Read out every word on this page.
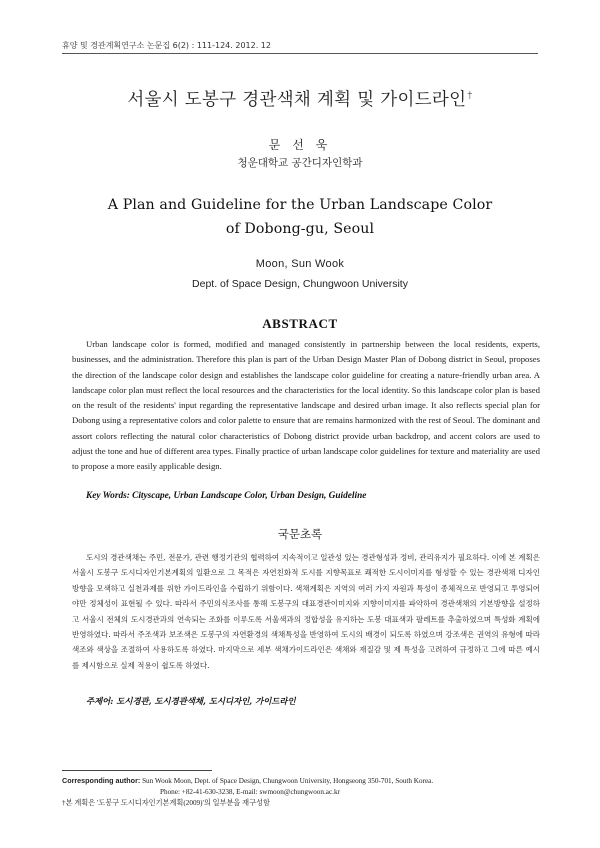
휴양 및 경관계획연구소 논문집 6(2) : 111-124. 2012. 12
서울시 도봉구 경관색채 계획 및 가이드라인†
문 선 욱
청운대학교 공간디자인학과
A Plan and Guideline for the Urban Landscape Color
of Dobong-gu, Seoul
Moon, Sun Wook
Dept. of Space Design, Chungwoon University
ABSTRACT

Urban landscape color is formed, modified and managed consistently in partnership between the local residents, experts, businesses, and the administration. Therefore this plan is part of the Urban Design Master Plan of Dobong district in Seoul, proposes the direction of the landscape color design and establishes the landscape color guideline for creating a nature-friendly urban area. A landscape color plan must reflect the local resources and the characteristics for the local identity. So this landscape color plan is based on the result of the residents' input regarding the representative landscape and desired urban image. It also reflects special plan for Dobong using a representative colors and color palette to ensure that are remains harmonized with the rest of Seoul. The dominant and assort colors reflecting the natural color characteristics of Dobong district provide urban backdrop, and accent colors are used to adjust the tone and hue of different area types. Finally practice of urban landscape color guidelines for texture and materiality are used to propose a more easily applicable design.

Key Words: Cityscape, Urban Landscape Color, Urban Design, Guideline
국문초록

도시의 경관색채는 주민, 전문가, 관련 행정기관의 협력하여 지속적이고 일관성 있는 경관형성과 정비, 관리유지가 필요하다. 이에 본 계획은 서울시 도봉구 도시디자인기본계획의 일환으로 그 목적은 자연친화적 도시를 지향목표로 쾌적한 도시이미지를 형성할 수 있는 경관색채 디자인 방향을 모색하고 실천과제를 위한 가이드라인을 수립하기 위함이다. 색채계획은 지역의 여러 가지 자원과 특성이 종체적으로 반영되고 투영되어야만 정체성이 표현될 수 있다. 따라서 주민의식조사를 통해 도봉구의 대표경관이미지와 지향이미지를 파악하여 경관색채의 기본방향을 설정하고 서울시 전체의 도시경관과의 연속되는 조화를 이루도록 서울색과의 정합성을 유지하는 도봉 대표색과 팔레트를 추출하였으며 특성화 계획에 반영하였다. 따라서 주조색과 보조색은 도봉구의 자연환경의 색채특성을 반영하여 도시의 배경이 되도록 하였으며 강조색은 권역의 유형에 따라 색조와 색상을 조절하여 사용하도록 하였다. 마지막으로 세부 색채가이드라인은 색채와 재질감 및 제 특성을 고려하여 규정하고 그에 따른 예시를 제시함으로 실제 적용이 쉽도록 하였다.

주제어: 도시경관, 도시경관색채, 도시디자인, 가이드라인
Corresponding author: Sun Wook Moon, Dept. of Space Design, Chungwoon University, Hongseong 350-701, South Korea.
Phone: +82-41-630-3238, E-mail: swmoon@chungwoon.ac.kr
†본 계획은 '도봉구 도시디자인기본계획(2009)'의 일부분을 재구성함
